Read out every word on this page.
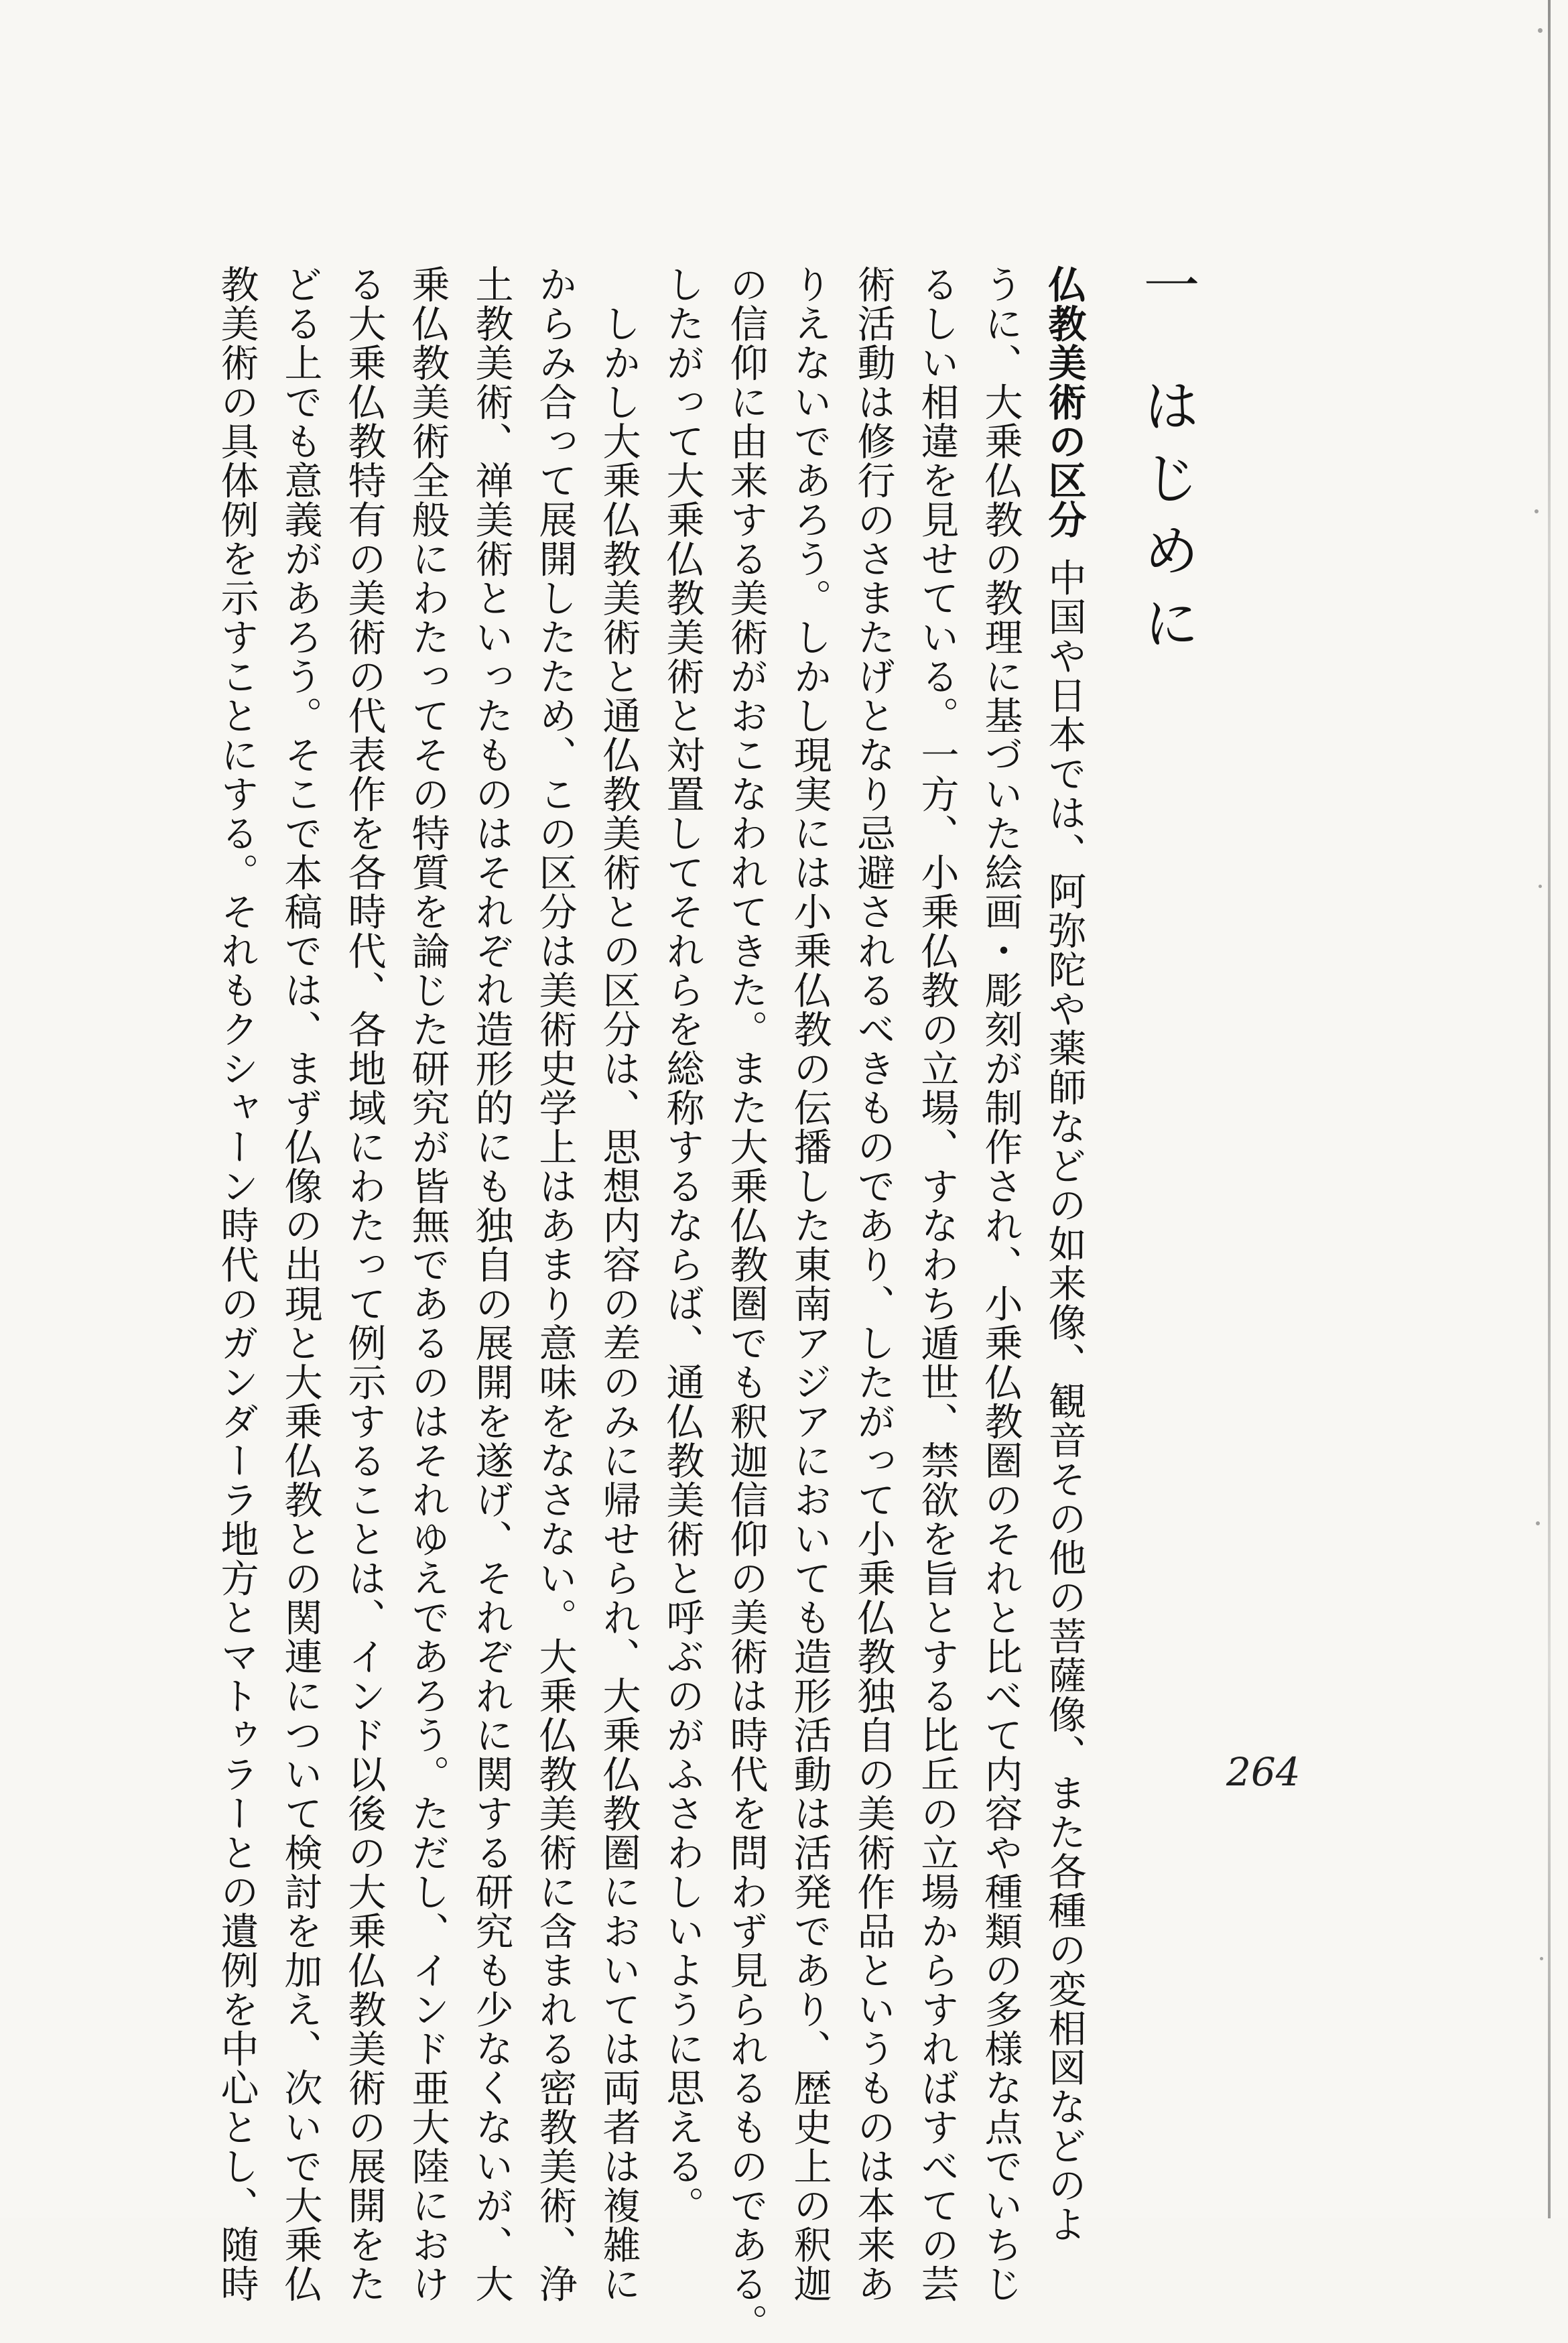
一はじめに
仏教美術の区分中国や日本では、阿弥陀や薬師などの如来像、観音その他の菩薩像、また各種の変相図などのよ
うに、大乗仏教の教理に基づいた絵画・彫刻が制作され、小乗仏教圏のそれと比べて内容や種類の多様な点でいちじ
るしい相違を見せている。一方、小乗仏教の立場、すなわち遁世、禁欲を旨とする比丘の立場からすればすべての芸
術活動は修行のさまたげとなり忌避されるべきものであり、したがって小乗仏教独自の美術作品というものは本来あ
りえないであろう。しかし現実には小乗仏教の伝播した東南アジアにおいても造形活動は活発であり、歴史上の釈迦
の信仰に由来する美術がおこなわれてきた。また大乗仏教圏でも釈迦信仰の美術は時代を問わず見られるものである。
したがって大乗仏教美術と対置してそれらを総称するならば、通仏教美術と呼ぶのがふさわしいように思える。
　しかし大乗仏教美術と通仏教美術との区分は、思想内容の差のみに帰せられ、大乗仏教圏においては両者は複雑に
からみ合って展開したため、この区分は美術史学上はあまり意味をなさない。大乗仏教美術に含まれる密教美術、浄
土教美術、禅美術といったものはそれぞれ造形的にも独自の展開を遂げ、それぞれに関する研究も少なくないが、大
乗仏教美術全般にわたってその特質を論じた研究が皆無であるのはそれゆえであろう。ただし、インド亜大陸におけ
る大乗仏教特有の美術の代表作を各時代、各地域にわたって例示することは、インド以後の大乗仏教美術の展開をた
どる上でも意義があろう。そこで本稿では、まず仏像の出現と大乗仏教との関連について検討を加え、次いで大乗仏
教美術の具体例を示すことにする。それもクシャーン時代のガンダーラ地方とマトゥラーとの遺例を中心とし、随時	264
